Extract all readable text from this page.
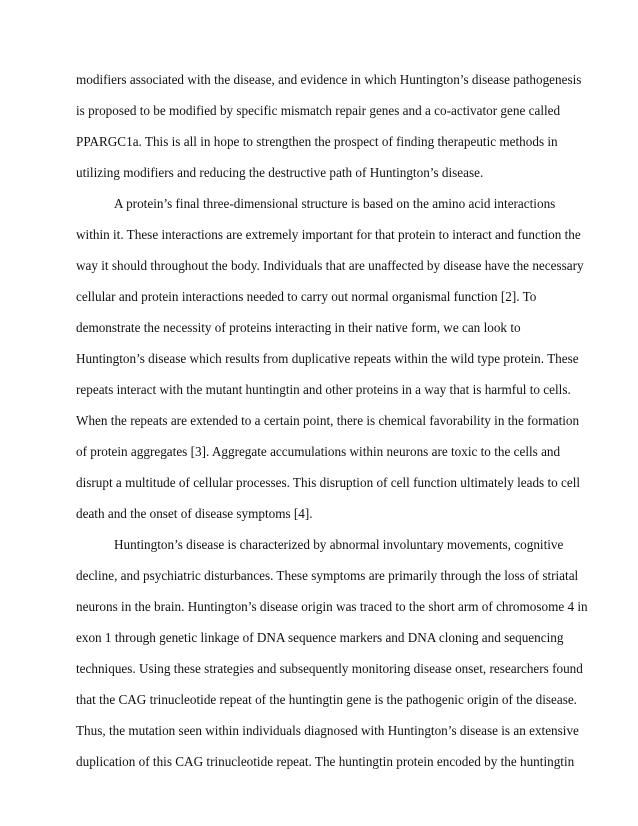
modifiers associated with the disease, and evidence in which Huntington’s disease pathogenesis
is proposed to be modified by specific mismatch repair genes and a co-activator gene called
PPARGC1a. This is all in hope to strengthen the prospect of finding therapeutic methods in
utilizing modifiers and reducing the destructive path of Huntington’s disease.
A protein’s final three-dimensional structure is based on the amino acid interactions
within it. These interactions are extremely important for that protein to interact and function the
way it should throughout the body. Individuals that are unaffected by disease have the necessary
cellular and protein interactions needed to carry out normal organismal function [2]. To
demonstrate the necessity of proteins interacting in their native form, we can look to
Huntington’s disease which results from duplicative repeats within the wild type protein. These
repeats interact with the mutant huntingtin and other proteins in a way that is harmful to cells.
When the repeats are extended to a certain point, there is chemical favorability in the formation
of protein aggregates [3]. Aggregate accumulations within neurons are toxic to the cells and
disrupt a multitude of cellular processes. This disruption of cell function ultimately leads to cell
death and the onset of disease symptoms [4].
Huntington’s disease is characterized by abnormal involuntary movements, cognitive
decline, and psychiatric disturbances. These symptoms are primarily through the loss of striatal
neurons in the brain. Huntington’s disease origin was traced to the short arm of chromosome 4 in
exon 1 through genetic linkage of DNA sequence markers and DNA cloning and sequencing
techniques. Using these strategies and subsequently monitoring disease onset, researchers found
that the CAG trinucleotide repeat of the huntingtin gene is the pathogenic origin of the disease.
Thus, the mutation seen within individuals diagnosed with Huntington’s disease is an extensive
duplication of this CAG trinucleotide repeat. The huntingtin protein encoded by the huntingtin
